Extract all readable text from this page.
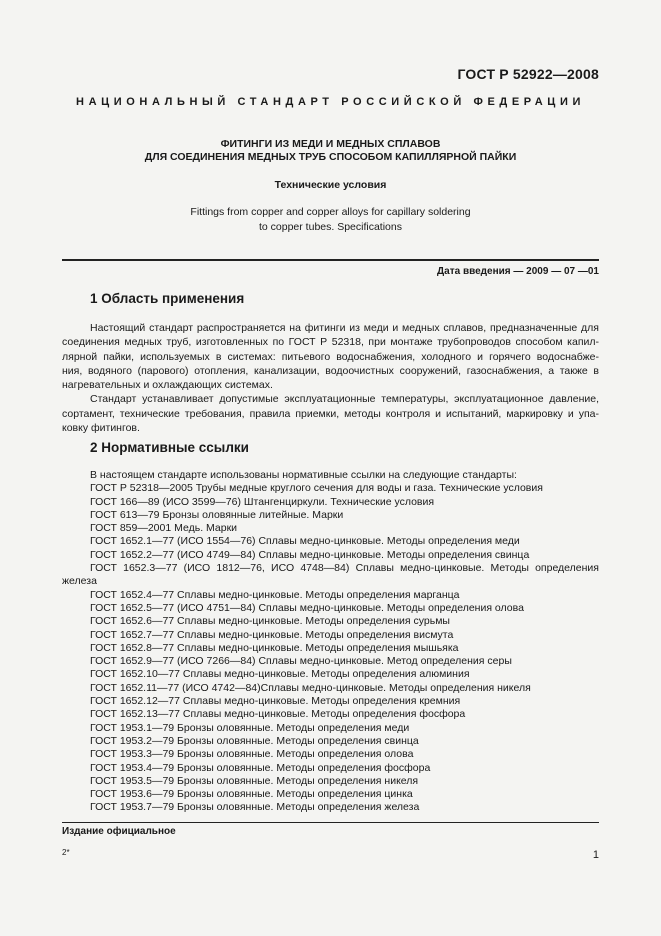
ГОСТ Р 52922—2008
НАЦИОНАЛЬНЫЙ СТАНДАРТ РОССИЙСКОЙ ФЕДЕРАЦИИ
ФИТИНГИ ИЗ МЕДИ И МЕДНЫХ СПЛАВОВ
ДЛЯ СОЕДИНЕНИЯ МЕДНЫХ ТРУБ СПОСОБОМ КАПИЛЛЯРНОЙ ПАЙКИ
Технические условия
Fittings from copper and copper alloys for capillary soldering
to copper tubes. Specifications
Дата введения — 2009 — 07 —01
1 Область применения
Настоящий стандарт распространяется на фитинги из меди и медных сплавов, предназначенные для
соединения медных труб, изготовленных по ГОСТ Р 52318, при монтаже трубопроводов способом капил-
лярной пайки, используемых в системах: питьевого водоснабжения, холодного и горячего водоснабже-
ния, водяного (парового) отопления, канализации, водоочистных сооружений, газоснабжения, а также в
нагревательных и охлаждающих системах.
Стандарт устанавливает допустимые эксплуатационные температуры, эксплуатационное давление,
сортамент, технические требования, правила приемки, методы контроля и испытаний, маркировку и упа-
ковку фитингов.
2 Нормативные ссылки
В настоящем стандарте использованы нормативные ссылки на следующие стандарты:
ГОСТ Р 52318—2005 Трубы медные круглого сечения для воды и газа. Технические условия
ГОСТ 166—89 (ИСО 3599—76) Штангенциркули. Технические условия
ГОСТ 613—79 Бронзы оловянные литейные. Марки
ГОСТ 859—2001 Медь. Марки
ГОСТ 1652.1—77 (ИСО 1554—76) Сплавы медно-цинковые. Методы определения меди
ГОСТ 1652.2—77 (ИСО 4749—84) Сплавы медно-цинковые. Методы определения свинца
ГОСТ 1652.3—77 (ИСО 1812—76, ИСО 4748—84) Сплавы медно-цинковые. Методы определения
железа
ГОСТ 1652.4—77 Сплавы медно-цинковые. Методы определения марганца
ГОСТ 1652.5—77 (ИСО 4751—84) Сплавы медно-цинковые. Методы определения олова
ГОСТ 1652.6—77 Сплавы медно-цинковые. Методы определения сурьмы
ГОСТ 1652.7—77 Сплавы медно-цинковые. Методы определения висмута
ГОСТ 1652.8—77 Сплавы медно-цинковые. Методы определения мышьяка
ГОСТ 1652.9—77 (ИСО 7266—84) Сплавы медно-цинковые. Метод определения серы
ГОСТ 1652.10—77 Сплавы медно-цинковые. Методы определения алюминия
ГОСТ 1652.11—77 (ИСО 4742—84)Сплавы медно-цинковые. Методы определения никеля
ГОСТ 1652.12—77 Сплавы медно-цинковые. Методы определения кремния
ГОСТ 1652.13—77 Сплавы медно-цинковые. Методы определения фосфора
ГОСТ 1953.1—79 Бронзы оловянные. Методы определения меди
ГОСТ 1953.2—79 Бронзы оловянные. Методы определения свинца
ГОСТ 1953.3—79 Бронзы оловянные. Методы определения олова
ГОСТ 1953.4—79 Бронзы оловянные. Методы определения фосфора
ГОСТ 1953.5—79 Бронзы оловянные. Методы определения никеля
ГОСТ 1953.6—79 Бронзы оловянные. Методы определения цинка
ГОСТ 1953.7—79 Бронзы оловянные. Методы определения железа
Издание официальное
2*	1
